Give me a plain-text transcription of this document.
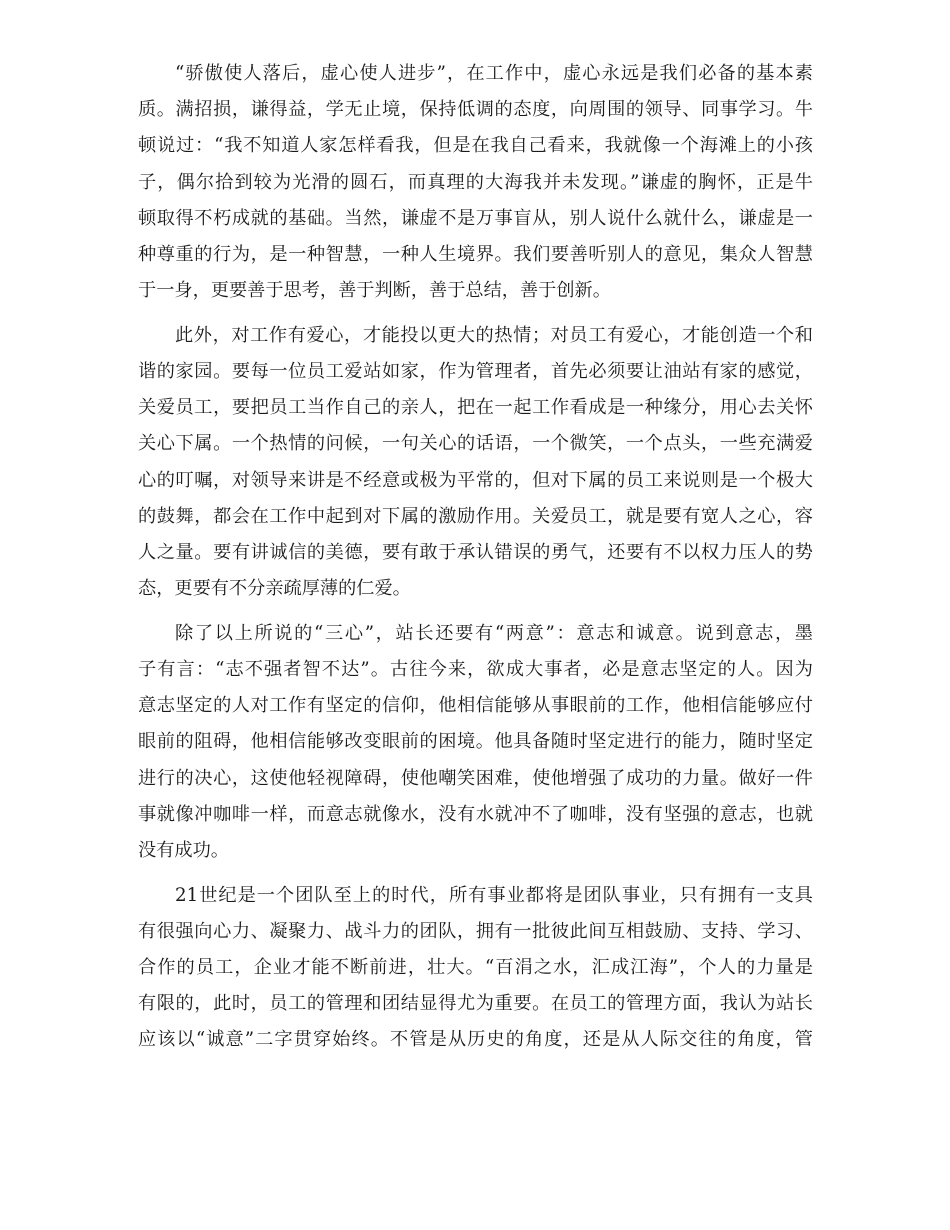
“骄傲使人落后，虚心使人进步”，在工作中，虚心永远是我们必备的基本素
质。满招损，谦得益，学无止境，保持低调的态度，向周围的领导、同事学习。牛
顿说过：“我不知道人家怎样看我，但是在我自己看来，我就像一个海滩上的小孩
子，偶尔拾到较为光滑的圆石，而真理的大海我并未发现。”谦虚的胸怀，正是牛
顿取得不朽成就的基础。当然，谦虚不是万事盲从，别人说什么就什么，谦虚是一
种尊重的行为，是一种智慧，一种人生境界。我们要善听别人的意见，集众人智慧
于一身，更要善于思考，善于判断，善于总结，善于创新。
此外，对工作有爱心，才能投以更大的热情；对员工有爱心，才能创造一个和
谐的家园。要每一位员工爱站如家，作为管理者，首先必须要让油站有家的感觉，
关爱员工，要把员工当作自己的亲人，把在一起工作看成是一种缘分，用心去关怀
关心下属。一个热情的问候，一句关心的话语，一个微笑，一个点头，一些充满爱
心的叮嘱，对领导来讲是不经意或极为平常的，但对下属的员工来说则是一个极大
的鼓舞，都会在工作中起到对下属的激励作用。关爱员工，就是要有宽人之心，容
人之量。要有讲诚信的美德，要有敢于承认错误的勇气，还要有不以权力压人的势
态，更要有不分亲疏厚薄的仁爱。
除了以上所说的“三心”，站长还要有“两意”：意志和诚意。说到意志，墨
子有言：“志不强者智不达”。古往今来，欲成大事者，必是意志坚定的人。因为
意志坚定的人对工作有坚定的信仰，他相信能够从事眼前的工作，他相信能够应付
眼前的阻碍，他相信能够改变眼前的困境。他具备随时坚定进行的能力，随时坚定
进行的决心，这使他轻视障碍，使他嘲笑困难，使他增强了成功的力量。做好一件
事就像冲咖啡一样，而意志就像水，没有水就冲不了咖啡，没有坚强的意志，也就
没有成功。
21世纪是一个团队至上的时代，所有事业都将是团队事业，只有拥有一支具
有很强向心力、凝聚力、战斗力的团队，拥有一批彼此间互相鼓励、支持、学习、
合作的员工，企业才能不断前进，壮大。“百涓之水，汇成江海”，个人的力量是
有限的，此时，员工的管理和团结显得尤为重要。在员工的管理方面，我认为站长
应该以“诚意”二字贯穿始终。不管是从历史的角度，还是从人际交往的角度，管
